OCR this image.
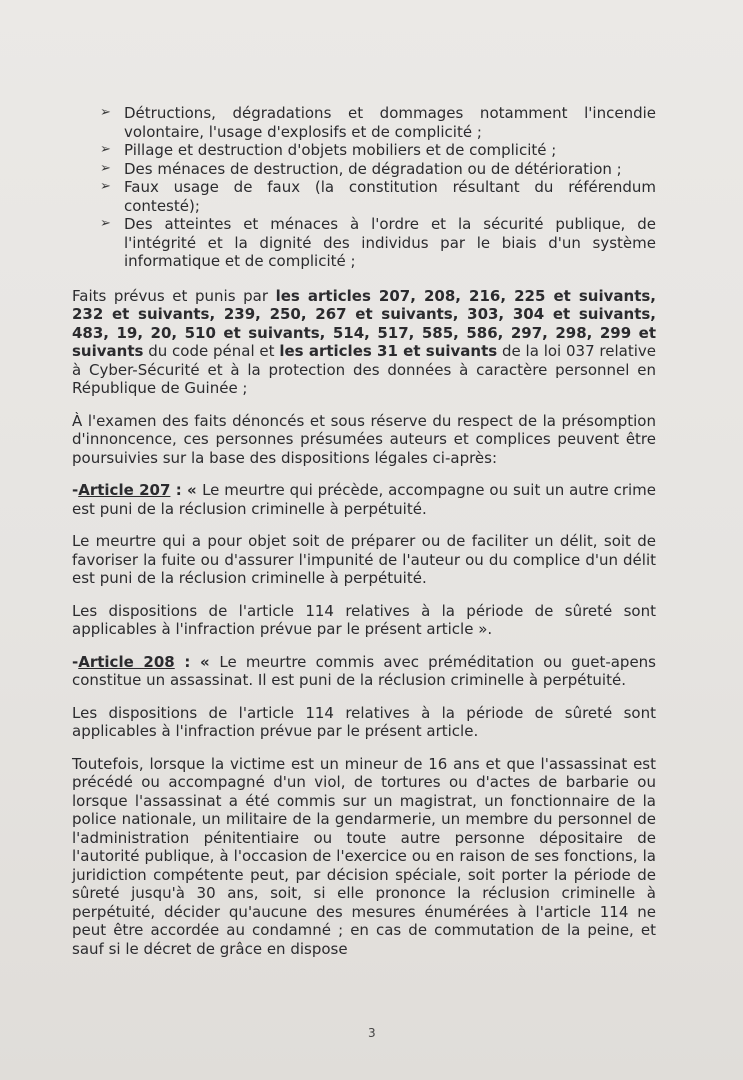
➢ Détructions, dégradations et dommages notamment l'incendie volontaire, l'usage d'explosifs et de complicité ;
➢ Pillage et destruction d'objets mobiliers et de complicité ;
➢ Des ménaces de destruction, de dégradation ou de détérioration ;
➢ Faux usage de faux (la constitution résultant du référendum contesté);
➢ Des atteintes et ménaces à l'ordre et la sécurité publique, de l'intégrité et la dignité des individus par le biais d'un système informatique et de complicité ;

Faits prévus et punis par les articles 207, 208, 216, 225 et suivants, 232 et suivants, 239, 250, 267 et suivants, 303, 304 et suivants, 483, 19, 20, 510 et suivants, 514, 517, 585, 586, 297, 298, 299 et suivants du code pénal et les articles 31 et suivants de la loi 037 relative à Cyber-Sécurité et à la protection des données à caractère personnel en République de Guinée ;

À l'examen des faits dénoncés et sous réserve du respect de la présomption d'innoncence, ces personnes présumées auteurs et complices peuvent être poursuivies sur la base des dispositions légales ci-après:

-Article 207 : « Le meurtre qui précède, accompagne ou suit un autre crime est puni de la réclusion criminelle à perpétuité.

Le meurtre qui a pour objet soit de préparer ou de faciliter un délit, soit de favoriser la fuite ou d'assurer l'impunité de l'auteur ou du complice d'un délit est puni de la réclusion criminelle à perpétuité.

Les dispositions de l'article 114 relatives à la période de sûreté sont applicables à l'infraction prévue par le présent article ».

-Article 208 : « Le meurtre commis avec préméditation ou guet-apens constitue un assassinat. Il est puni de la réclusion criminelle à perpétuité.

Les dispositions de l'article 114 relatives à la période de sûreté sont applicables à l'infraction prévue par le présent article.

Toutefois, lorsque la victime est un mineur de 16 ans et que l'assassinat est précédé ou accompagné d'un viol, de tortures ou d'actes de barbarie ou lorsque l'assassinat a été commis sur un magistrat, un fonctionnaire de la police nationale, un militaire de la gendarmerie, un membre du personnel de l'administration pénitentiaire ou toute autre personne dépositaire de l'autorité publique, à l'occasion de l'exercice ou en raison de ses fonctions, la juridiction compétente peut, par décision spéciale, soit porter la période de sûreté jusqu'à 30 ans, soit, si elle prononce la réclusion criminelle à perpétuité, décider qu'aucune des mesures énumérées à l'article 114 ne peut être accordée au condamné ; en cas de commutation de la peine, et sauf si le décret de grâce en dispose

3
